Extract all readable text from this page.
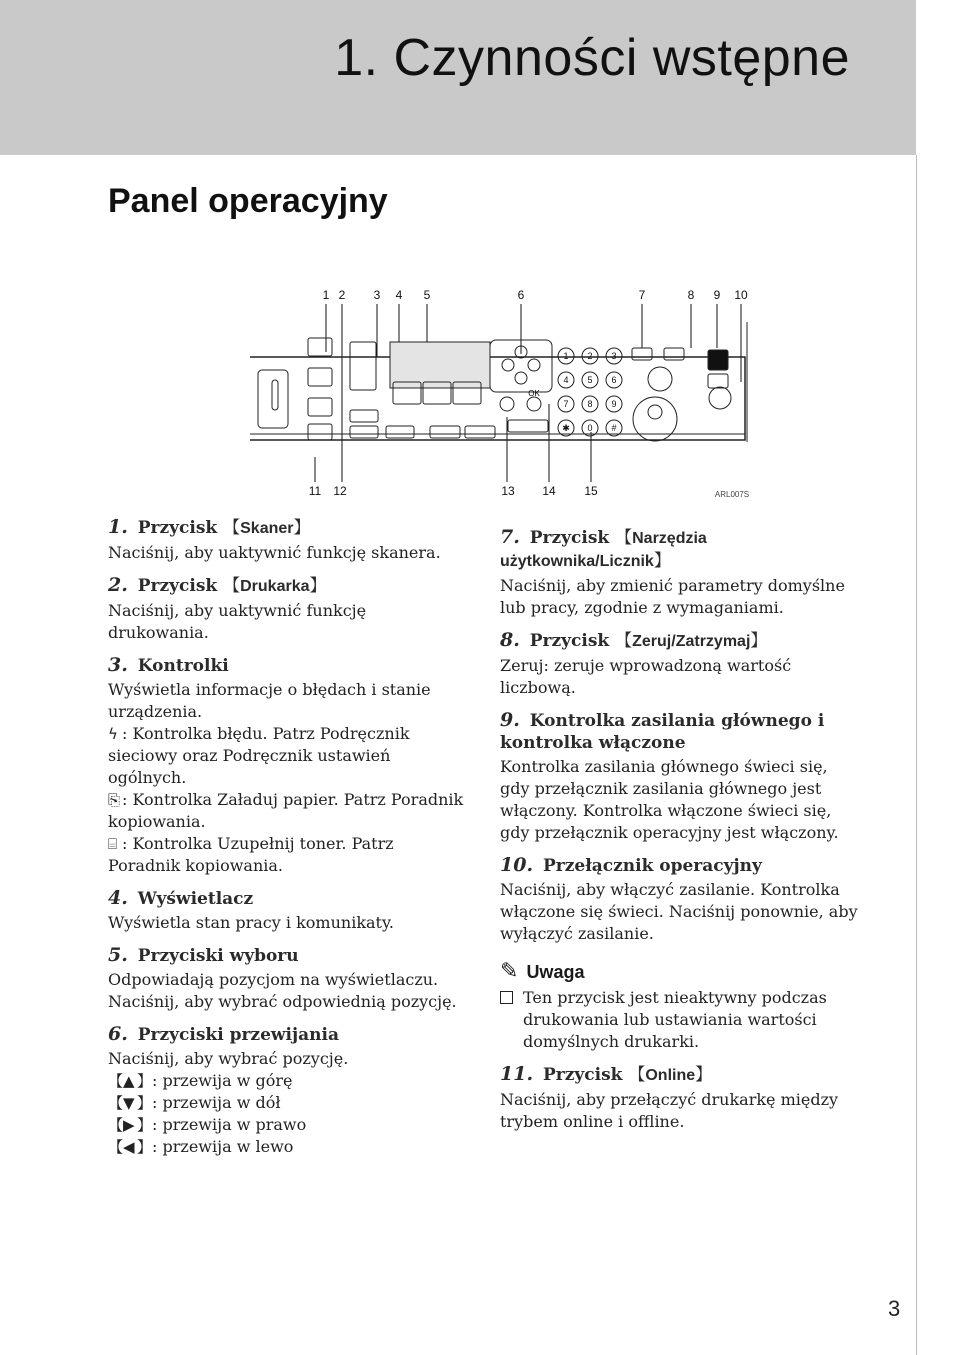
1. Czynności wstępne
Panel operacyjny
1 2 3 4 5	6	7	8 9 10
1 2 3
4 5 6
7 8 9
✱ 0 #
OK
11 12	13 14 15	ARL007S
1. Przycisk 【Skaner】
Naciśnij, aby uaktywnić funkcję skanera.
2. Przycisk 【Drukarka】
Naciśnij, aby uaktywnić funkcję drukowania.
3. Kontrolki
Wyświetla informacje o błędach i stanie urządzenia.
ϟ : Kontrolka błędu. Patrz Podręcznik sieciowy oraz Podręcznik ustawień ogólnych.
⎘ : Kontrolka Załaduj papier. Patrz Poradnik kopiowania.
⌸ : Kontrolka Uzupełnij toner. Patrz Poradnik kopiowania.
4. Wyświetlacz
Wyświetla stan pracy i komunikaty.
5. Przyciski wyboru
Odpowiadają pozycjom na wyświetlaczu. Naciśnij, aby wybrać odpowiednią pozycję.
6. Przyciski przewijania
Naciśnij, aby wybrać pozycję.
【▲ 】: przewija w górę
【▼ 】: przewija w dół
【▶ 】: przewija w prawo
【◀ 】: przewija w lewo
7. Przycisk 【Narzędzia użytkownika/Licznik】
Naciśnij, aby zmienić parametry domyślne lub pracy, zgodnie z wymaganiami.
8. Przycisk 【Zeruj/Zatrzymaj】
Zeruj: zeruje wprowadzoną wartość liczbową.
9. Kontrolka zasilania głównego i kontrolka włączone
Kontrolka zasilania głównego świeci się, gdy przełącznik zasilania głównego jest włączony. Kontrolka włączone świeci się, gdy przełącznik operacyjny jest włączony.
10. Przełącznik operacyjny
Naciśnij, aby włączyć zasilanie. Kontrolka włączone się świeci. Naciśnij ponownie, aby wyłączyć zasilanie.
✎ Uwaga
Ten przycisk jest nieaktywny podczas drukowania lub ustawiania wartości domyślnych drukarki.
11. Przycisk 【Online】
Naciśnij, aby przełączyć drukarkę między trybem online i offline.
3
